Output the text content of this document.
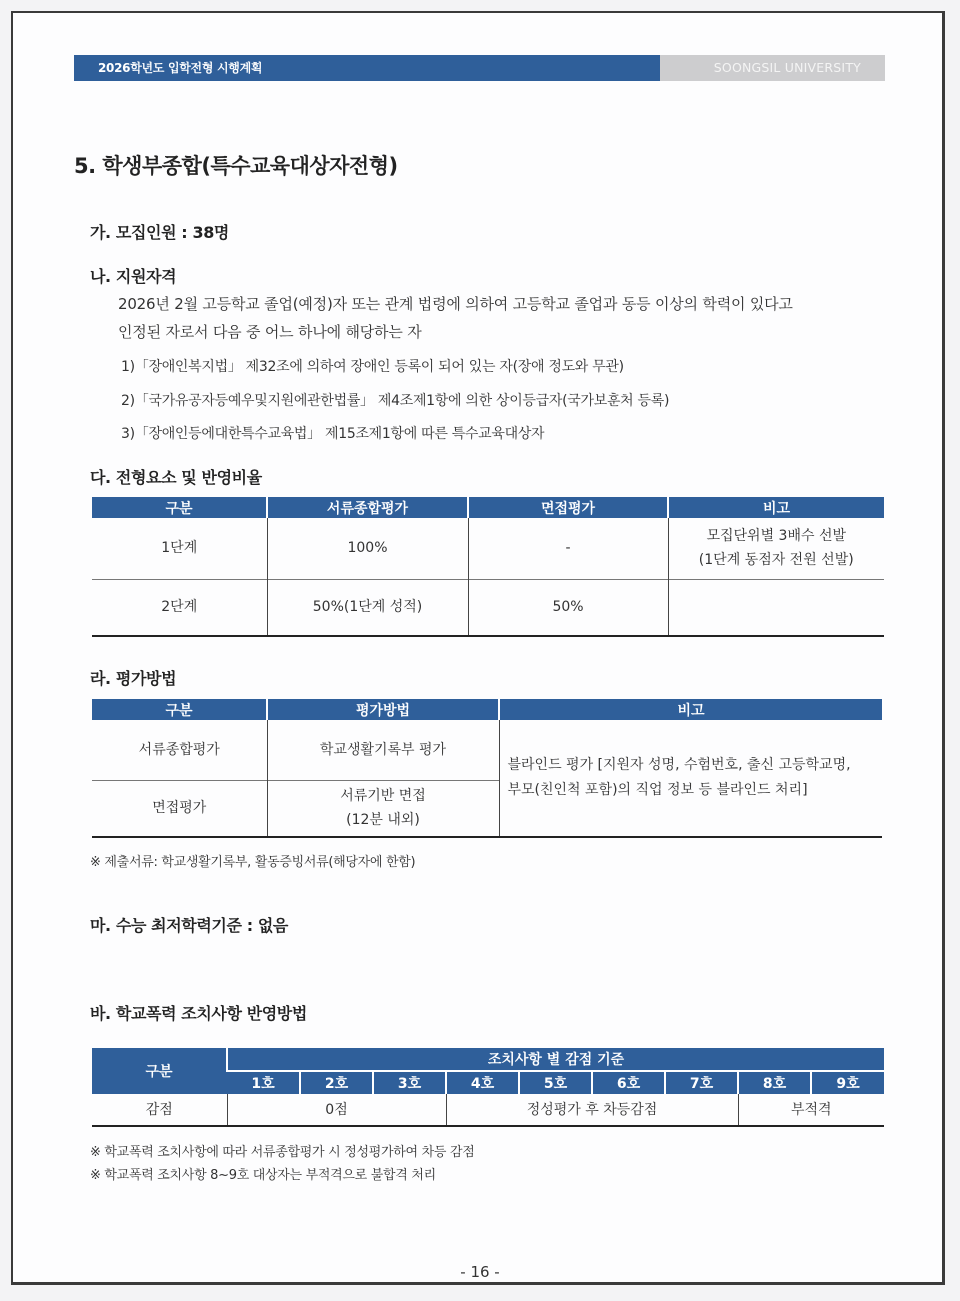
2026학년도 입학전형 시행계획	SOONGSIL UNIVERSITY
5. 학생부종합(특수교육대상자전형)
가. 모집인원 : 38명
나. 지원자격
2026년 2월 고등학교 졸업(예정)자 또는 관계 법령에 의하여 고등학교 졸업과 동등 이상의 학력이 있다고
인정된 자로서 다음 중 어느 하나에 해당하는 자
1)「장애인복지법」 제32조에 의하여 장애인 등록이 되어 있는 자(장애 정도와 무관)
2)「국가유공자등예우및지원에관한법률」 제4조제1항에 의한 상이등급자(국가보훈처 등록)
3)「장애인등에대한특수교육법」 제15조제1항에 따른 특수교육대상자
다. 전형요소 및 반영비율
구분	서류종합평가	면접평가	비고
1단계	100%	-	모집단위별 3배수 선발
(1단계 동점자 전원 선발)

2단계	50%(1단계 성적)	50%	
라. 평가방법
구분	평가방법	비고
서류종합평가	학교생활기록부 평가	블라인드 평가 [지원자 성명, 수험번호, 출신 고등학교명,
부모(친인척 포함)의 직업 정보 등 블라인드 처리]

면접평가	서류기반 면접
(12분 내외)	
※ 제출서류: 학교생활기록부, 활동증빙서류(해당자에 한함)
마. 수능 최저학력기준 : 없음
바. 학교폭력 조치사항 반영방법
구분	조치사항 별 감점 기준								
	1호	2호	3호	4호	5호	6호	7호	8호	9호
감점	0점			정성평가 후 차등감점				부적격	
※ 학교폭력 조치사항에 따라 서류종합평가 시 정성평가하여 차등 감점
※ 학교폭력 조치사항 8~9호 대상자는 부적격으로 불합격 처리
- 16 -
